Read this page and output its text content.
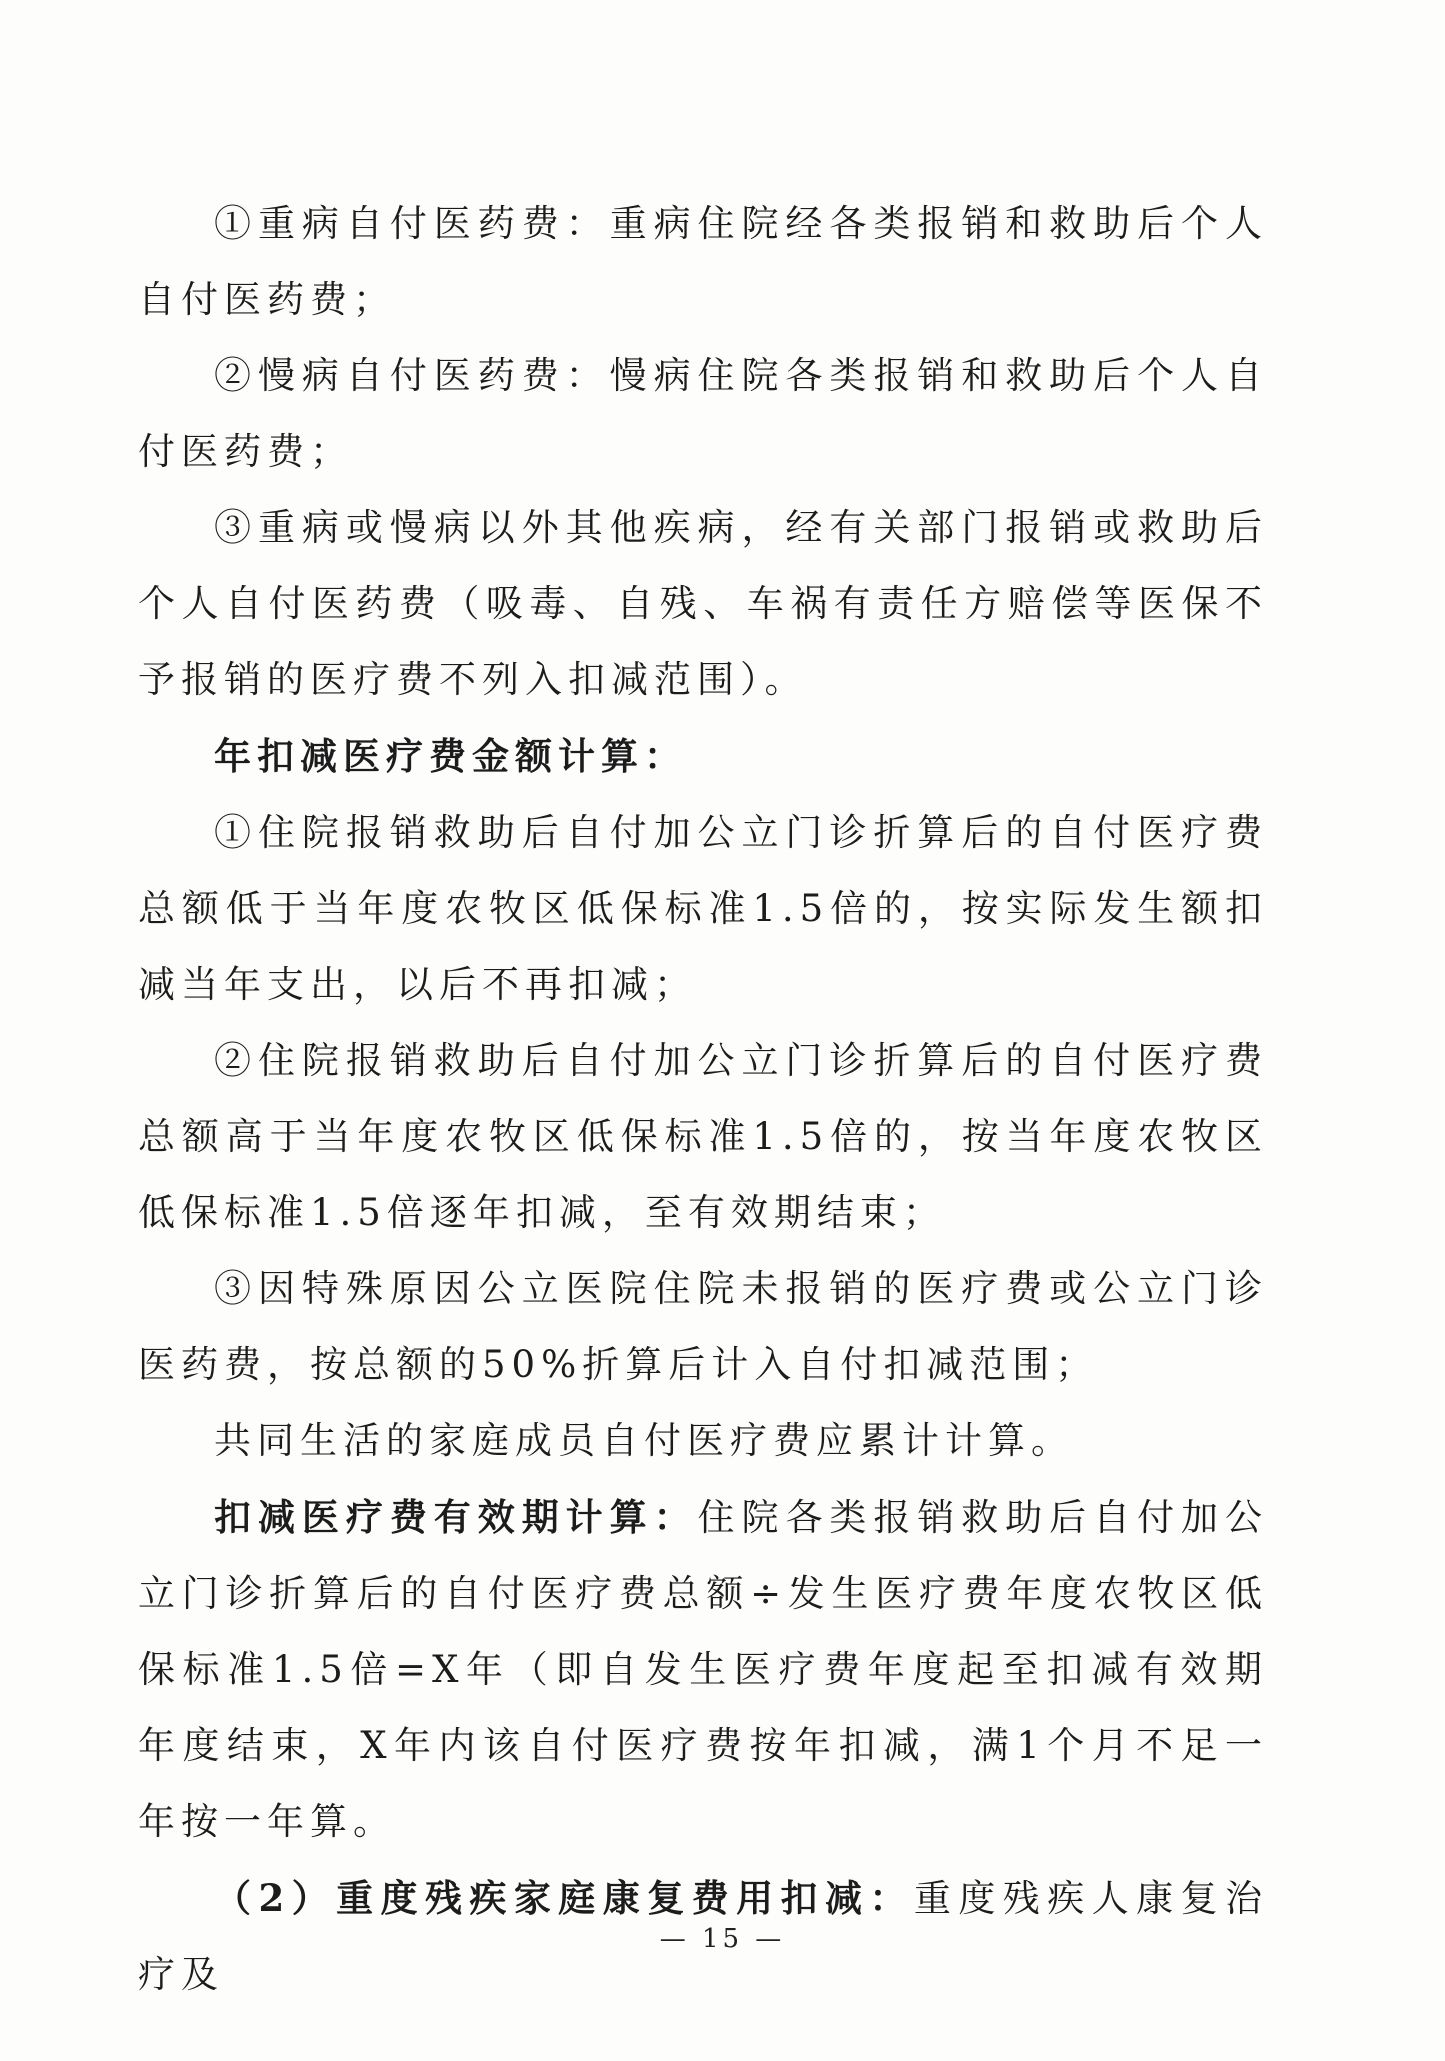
①重病自付医药费：重病住院经各类报销和救助后个人自付医药费；

②慢病自付医药费：慢病住院各类报销和救助后个人自付医药费；

③重病或慢病以外其他疾病，经有关部门报销或救助后个人自付医药费（吸毒、自残、车祸有责任方赔偿等医保不予报销的医疗费不列入扣减范围）。

年扣减医疗费金额计算：

①住院报销救助后自付加公立门诊折算后的自付医疗费总额低于当年度农牧区低保标准1.5倍的，按实际发生额扣减当年支出，以后不再扣减；

②住院报销救助后自付加公立门诊折算后的自付医疗费总额高于当年度农牧区低保标准1.5倍的，按当年度农牧区低保标准1.5倍逐年扣减，至有效期结束；

③因特殊原因公立医院住院未报销的医疗费或公立门诊医药费，按总额的50%折算后计入自付扣减范围；

共同生活的家庭成员自付医疗费应累计计算。

扣减医疗费有效期计算：住院各类报销救助后自付加公立门诊折算后的自付医疗费总额÷发生医疗费年度农牧区低保标准1.5倍=X年（即自发生医疗费年度起至扣减有效期年度结束，X年内该自付医疗费按年扣减，满1个月不足一年按一年算。

（2）重度残疾家庭康复费用扣减：重度残疾人康复治疗及

— 15 —
